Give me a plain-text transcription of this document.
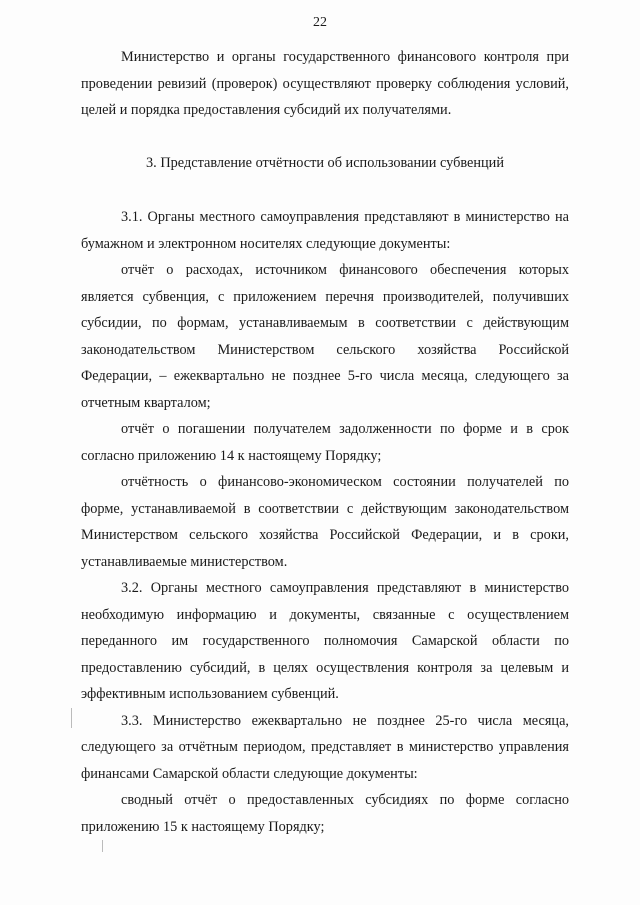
22

Министерство и органы государственного финансового контроля при проведении ревизий (проверок) осуществляют проверку соблюдения условий, целей и порядка предоставления субсидий их получателями.

3. Представление отчётности об использовании субвенций

3.1. Органы местного самоуправления представляют в министерство на бумажном и электронном носителях следующие документы:

отчёт о расходах, источником финансового обеспечения которых является субвенция, с приложением перечня производителей, получивших субсидии, по формам, устанавливаемым в соответствии с действующим законодательством Министерством сельского хозяйства Российской Федерации, – ежеквартально не позднее 5-го числа месяца, следующего за отчетным кварталом;

отчёт о погашении получателем задолженности по форме и в срок согласно приложению 14 к настоящему Порядку;

отчётность о финансово-экономическом состоянии получателей по форме, устанавливаемой в соответствии с действующим законодательством Министерством сельского хозяйства Российской Федерации, и в сроки, устанавливаемые министерством.

3.2. Органы местного самоуправления представляют в министерство необходимую информацию и документы, связанные с осуществлением переданного им государственного полномочия Самарской области по предоставлению субсидий, в целях осуществления контроля за целевым и эффективным использованием субвенций.

3.3. Министерство ежеквартально не позднее 25-го числа месяца, следующего за отчётным периодом, представляет в министерство управления финансами Самарской области следующие документы:

сводный отчёт о предоставленных субсидиях по форме согласно приложению 15 к настоящему Порядку;
